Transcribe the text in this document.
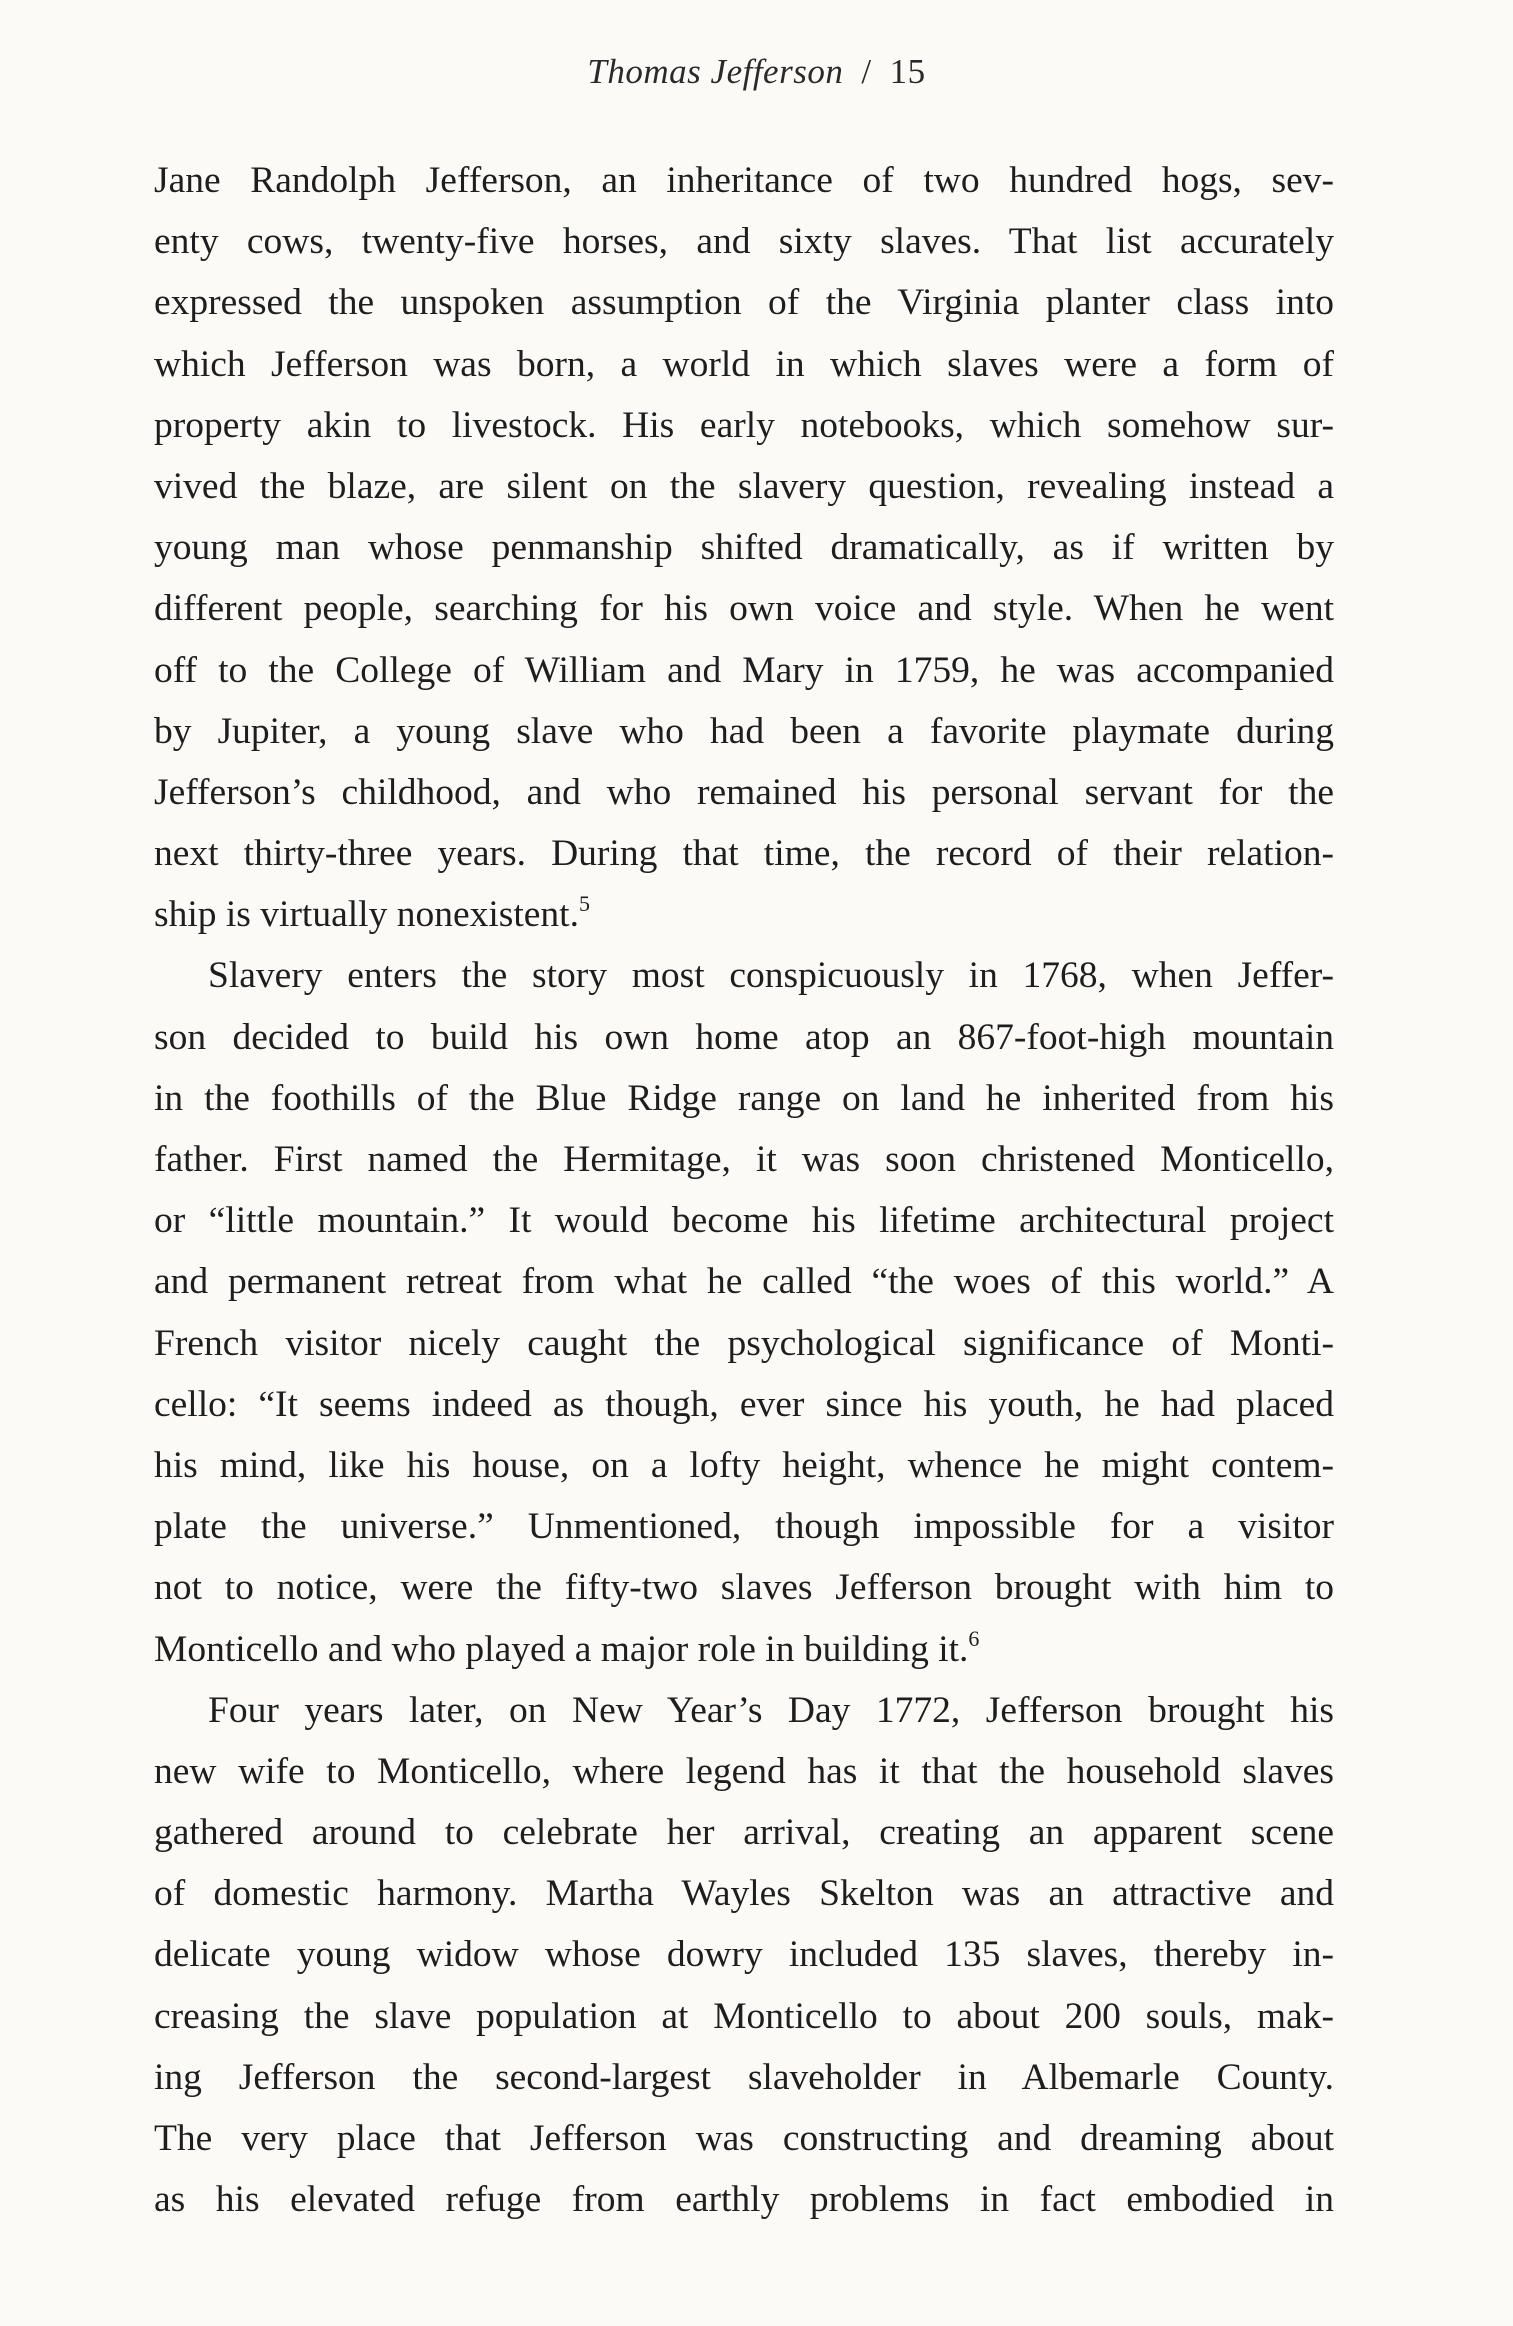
Thomas Jefferson / 15
Jane Randolph Jefferson, an inheritance of two hundred hogs, sev-
enty cows, twenty-five horses, and sixty slaves. That list accurately
expressed the unspoken assumption of the Virginia planter class into
which Jefferson was born, a world in which slaves were a form of
property akin to livestock. His early notebooks, which somehow sur-
vived the blaze, are silent on the slavery question, revealing instead a
young man whose penmanship shifted dramatically, as if written by
different people, searching for his own voice and style. When he went
off to the College of William and Mary in 1759, he was accompanied
by Jupiter, a young slave who had been a favorite playmate during
Jefferson’s childhood, and who remained his personal servant for the
next thirty-three years. During that time, the record of their relation-
ship is virtually nonexistent.$^5$
Slavery enters the story most conspicuously in 1768, when Jeffer-
son decided to build his own home atop an 867-foot-high mountain
in the foothills of the Blue Ridge range on land he inherited from his
father. First named the Hermitage, it was soon christened Monticello,
or “little mountain.” It would become his lifetime architectural project
and permanent retreat from what he called “the woes of this world.” A
French visitor nicely caught the psychological significance of Monti-
cello: “It seems indeed as though, ever since his youth, he had placed
his mind, like his house, on a lofty height, whence he might contem-
plate the universe.” Unmentioned, though impossible for a visitor
not to notice, were the fifty-two slaves Jefferson brought with him to
Monticello and who played a major role in building it.$^6$
Four years later, on New Year’s Day 1772, Jefferson brought his
new wife to Monticello, where legend has it that the household slaves
gathered around to celebrate her arrival, creating an apparent scene
of domestic harmony. Martha Wayles Skelton was an attractive and
delicate young widow whose dowry included 135 slaves, thereby in-
creasing the slave population at Monticello to about 200 souls, mak-
ing Jefferson the second-largest slaveholder in Albemarle County.
The very place that Jefferson was constructing and dreaming about
as his elevated refuge from earthly problems in fact embodied in
